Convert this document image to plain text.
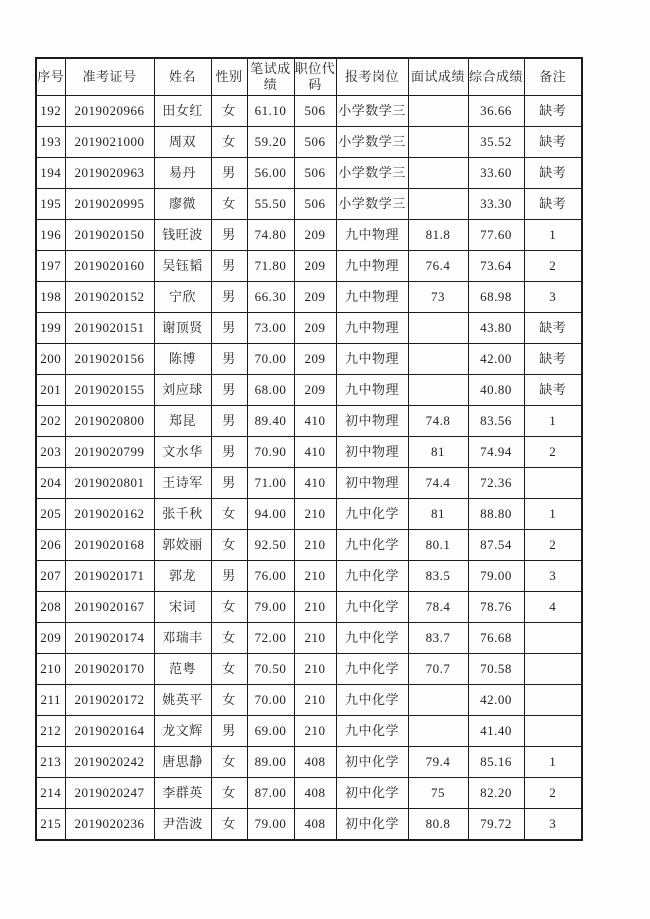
序号	准考证号	姓名	性别	笔试成绩	职位代码	报考岗位	面试成绩	综合成绩	备注
192	2019020966	田女红	女	61.10	506	小学数学三		36.66	缺考
193	2019021000	周双	女	59.20	506	小学数学三		35.52	缺考
194	2019020963	易丹	男	56.00	506	小学数学三		33.60	缺考
195	2019020995	廖微	女	55.50	506	小学数学三		33.30	缺考
196	2019020150	钱旺波	男	74.80	209	九中物理	81.8	77.60	1
197	2019020160	吴钰韬	男	71.80	209	九中物理	76.4	73.64	2
198	2019020152	宁欣	男	66.30	209	九中物理	73	68.98	3
199	2019020151	谢顶贤	男	73.00	209	九中物理		43.80	缺考
200	2019020156	陈博	男	70.00	209	九中物理		42.00	缺考
201	2019020155	刘应球	男	68.00	209	九中物理		40.80	缺考
202	2019020800	郑昆	男	89.40	410	初中物理	74.8	83.56	1
203	2019020799	文水华	男	70.90	410	初中物理	81	74.94	2
204	2019020801	王诗军	男	71.00	410	初中物理	74.4	72.36	
205	2019020162	张千秋	女	94.00	210	九中化学	81	88.80	1
206	2019020168	郭姣丽	女	92.50	210	九中化学	80.1	87.54	2
207	2019020171	郭龙	男	76.00	210	九中化学	83.5	79.00	3
208	2019020167	宋词	女	79.00	210	九中化学	78.4	78.76	4
209	2019020174	邓瑞丰	女	72.00	210	九中化学	83.7	76.68	
210	2019020170	范粤	女	70.50	210	九中化学	70.7	70.58	
211	2019020172	姚英平	女	70.00	210	九中化学		42.00	
212	2019020164	龙文辉	男	69.00	210	九中化学		41.40	
213	2019020242	唐思静	女	89.00	408	初中化学	79.4	85.16	1
214	2019020247	李群英	女	87.00	408	初中化学	75	82.20	2
215	2019020236	尹浩波	女	79.00	408	初中化学	80.8	79.72	3
